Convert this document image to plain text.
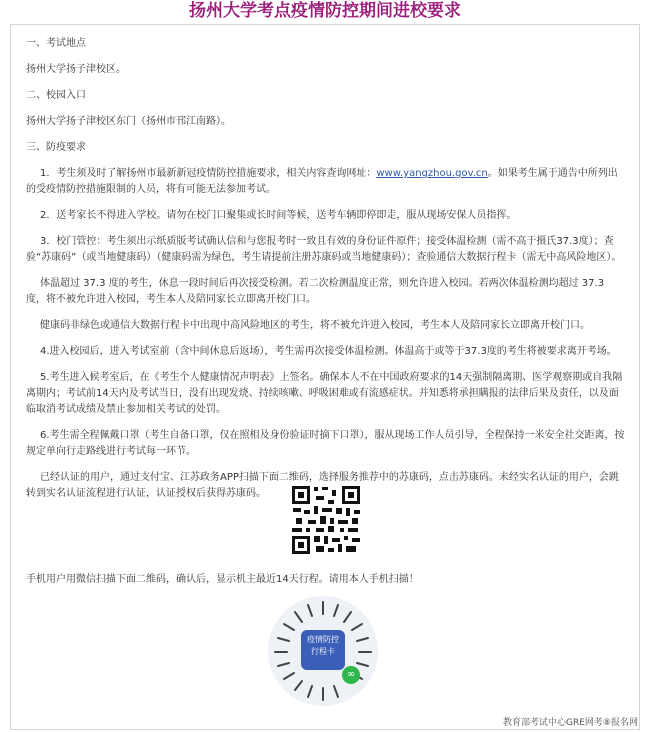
扬州大学考点疫情防控期间进校要求
一、考试地点
扬州大学扬子津校区。
二、校园入口
扬州大学扬子津校区东门（扬州市邗江南路）。
三、防疫要求
1．考生须及时了解扬州市最新新冠疫情防控措施要求，相关内容查询网址：www.yangzhou.gov.cn。如果考生属于通告中所列出的受疫情防控措施限制的人员，将有可能无法参加考试。
2．送考家长不得进入学校。请勿在校门口聚集或长时间等候，送考车辆即停即走，服从现场安保人员指挥。
3．校门管控：考生须出示纸质版考试确认信和与您报考时一致且有效的身份证件原件；接受体温检测（需不高于摄氏37.3度）；查验“苏康码”（或当地健康码）（健康码需为绿色，考生请提前注册苏康码或当地健康码）；查验通信大数据行程卡（需无中高风险地区）。
体温超过 37.3 度的考生，休息一段时间后再次接受检测。若二次检测温度正常，则允许进入校园。若两次体温检测均超过 37.3 度，将不被允许进入校园，考生本人及陪同家长立即离开校门口。
健康码非绿色或通信大数据行程卡中出现中高风险地区的考生，将不被允许进入校园，考生本人及陪同家长立即离开校门口。
4.进入校园后，进入考试室前（含中间休息后返场），考生需再次接受体温检测。体温高于或等于37.3度的考生将被要求离开考场。
5.考生进入候考室后，在《考生个人健康情况声明表》上签名。确保本人不在中国政府要求的14天强制隔离期、医学观察期或自我隔离期内；考试前14天内及考试当日，没有出现发烧、持续咳嗽、呼吸困难或有流感症状。并知悉将承担瞒报的法律后果及责任，以及面临取消考试成绩及禁止参加相关考试的处罚。
6.考生需全程佩戴口罩（考生自备口罩，仅在照相及身份验证时摘下口罩），服从现场工作人员引导，全程保持一米安全社交距离，按规定单向行走路线进行考试每一环节。
已经认证的用户，通过支付宝、江苏政务APP扫描下面二维码，选择服务推荐中的苏康码，点击苏康码。未经实名认证的用户，会跳转到实名认证流程进行认证，认证授权后获得苏康码。
手机用户用微信扫描下面二维码，确认后，显示机主最近14天行程。请用本人手机扫描！
疫情防控
行程卡
∞
教育部考试中心GRE网考⑧报名网
